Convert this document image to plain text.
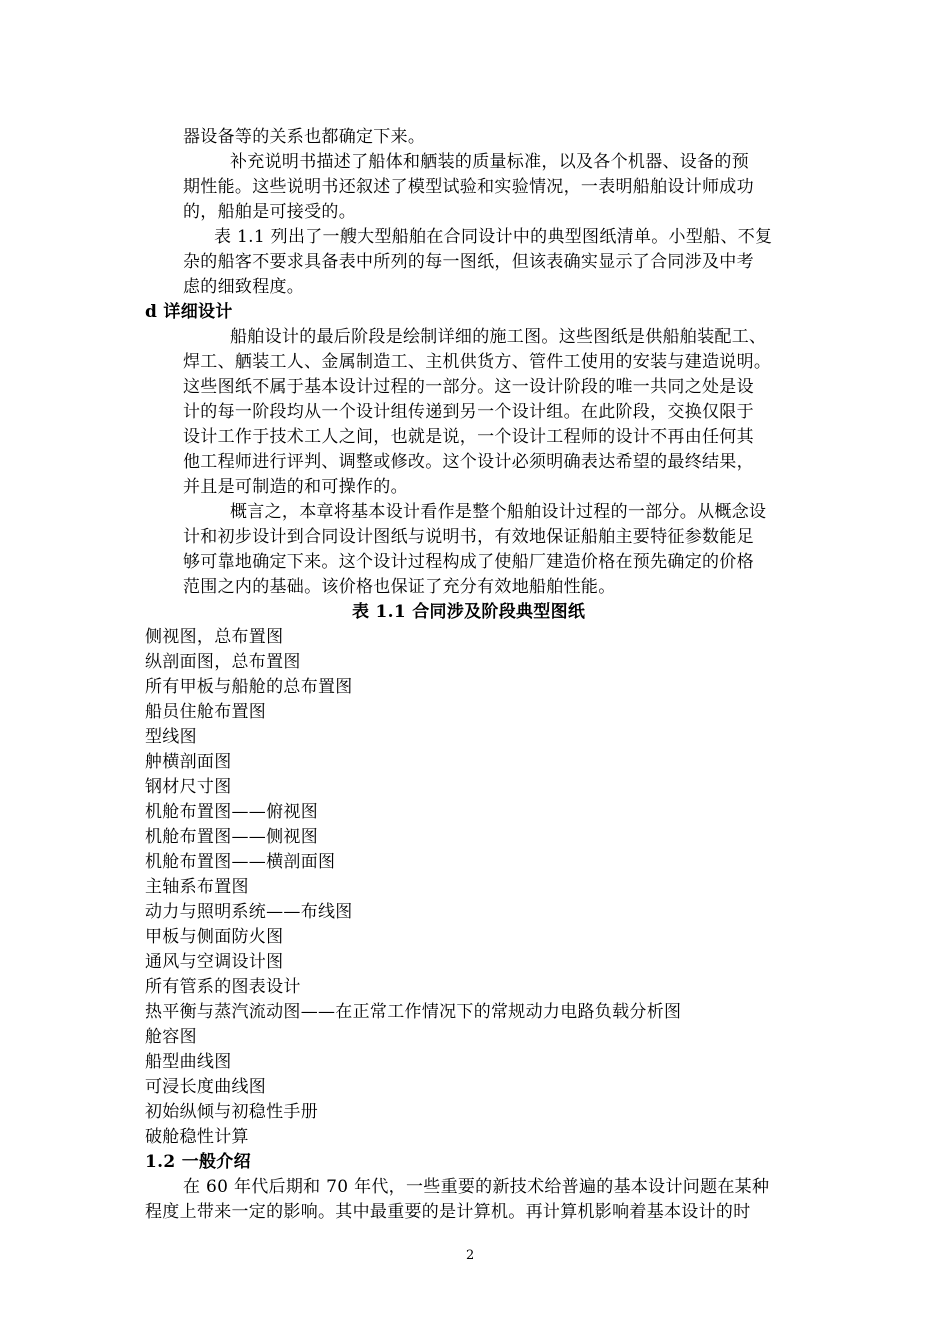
器设备等的关系也都确定下来。
补充说明书描述了船体和舾装的质量标准，以及各个机器、设备的预
期性能。这些说明书还叙述了模型试验和实验情况，一表明船舶设计师成功
的，船舶是可接受的。
表 1.1 列出了一艘大型船舶在合同设计中的典型图纸清单。小型船、不复
杂的船客不要求具备表中所列的每一图纸，但该表确实显示了合同涉及中考
虑的细致程度。
d 详细设计
船舶设计的最后阶段是绘制详细的施工图。这些图纸是供船舶装配工、
焊工、舾装工人、金属制造工、主机供货方、管件工使用的安装与建造说明。
这些图纸不属于基本设计过程的一部分。这一设计阶段的唯一共同之处是设
计的每一阶段均从一个设计组传递到另一个设计组。在此阶段，交换仅限于
设计工作于技术工人之间，也就是说，一个设计工程师的设计不再由任何其
他工程师进行评判、调整或修改。这个设计必须明确表达希望的最终结果，
并且是可制造的和可操作的。
概言之，本章将基本设计看作是整个船舶设计过程的一部分。从概念设
计和初步设计到合同设计图纸与说明书，有效地保证船舶主要特征参数能足
够可靠地确定下来。这个设计过程构成了使船厂建造价格在预先确定的价格
范围之内的基础。该价格也保证了充分有效地船舶性能。
表 1.1 合同涉及阶段典型图纸
侧视图，总布置图
纵剖面图，总布置图
所有甲板与船舱的总布置图
船员住舱布置图
型线图
舯横剖面图
钢材尺寸图
机舱布置图——俯视图
机舱布置图——侧视图
机舱布置图——横剖面图
主轴系布置图
动力与照明系统——布线图
甲板与侧面防火图
通风与空调设计图
所有管系的图表设计
热平衡与蒸汽流动图——在正常工作情况下的常规动力电路负载分析图
舱容图
船型曲线图
可浸长度曲线图
初始纵倾与初稳性手册
破舱稳性计算
1.2 一般介绍
在 60 年代后期和 70 年代，一些重要的新技术给普遍的基本设计问题在某种
程度上带来一定的影响。其中最重要的是计算机。再计算机影响着基本设计的时
2
